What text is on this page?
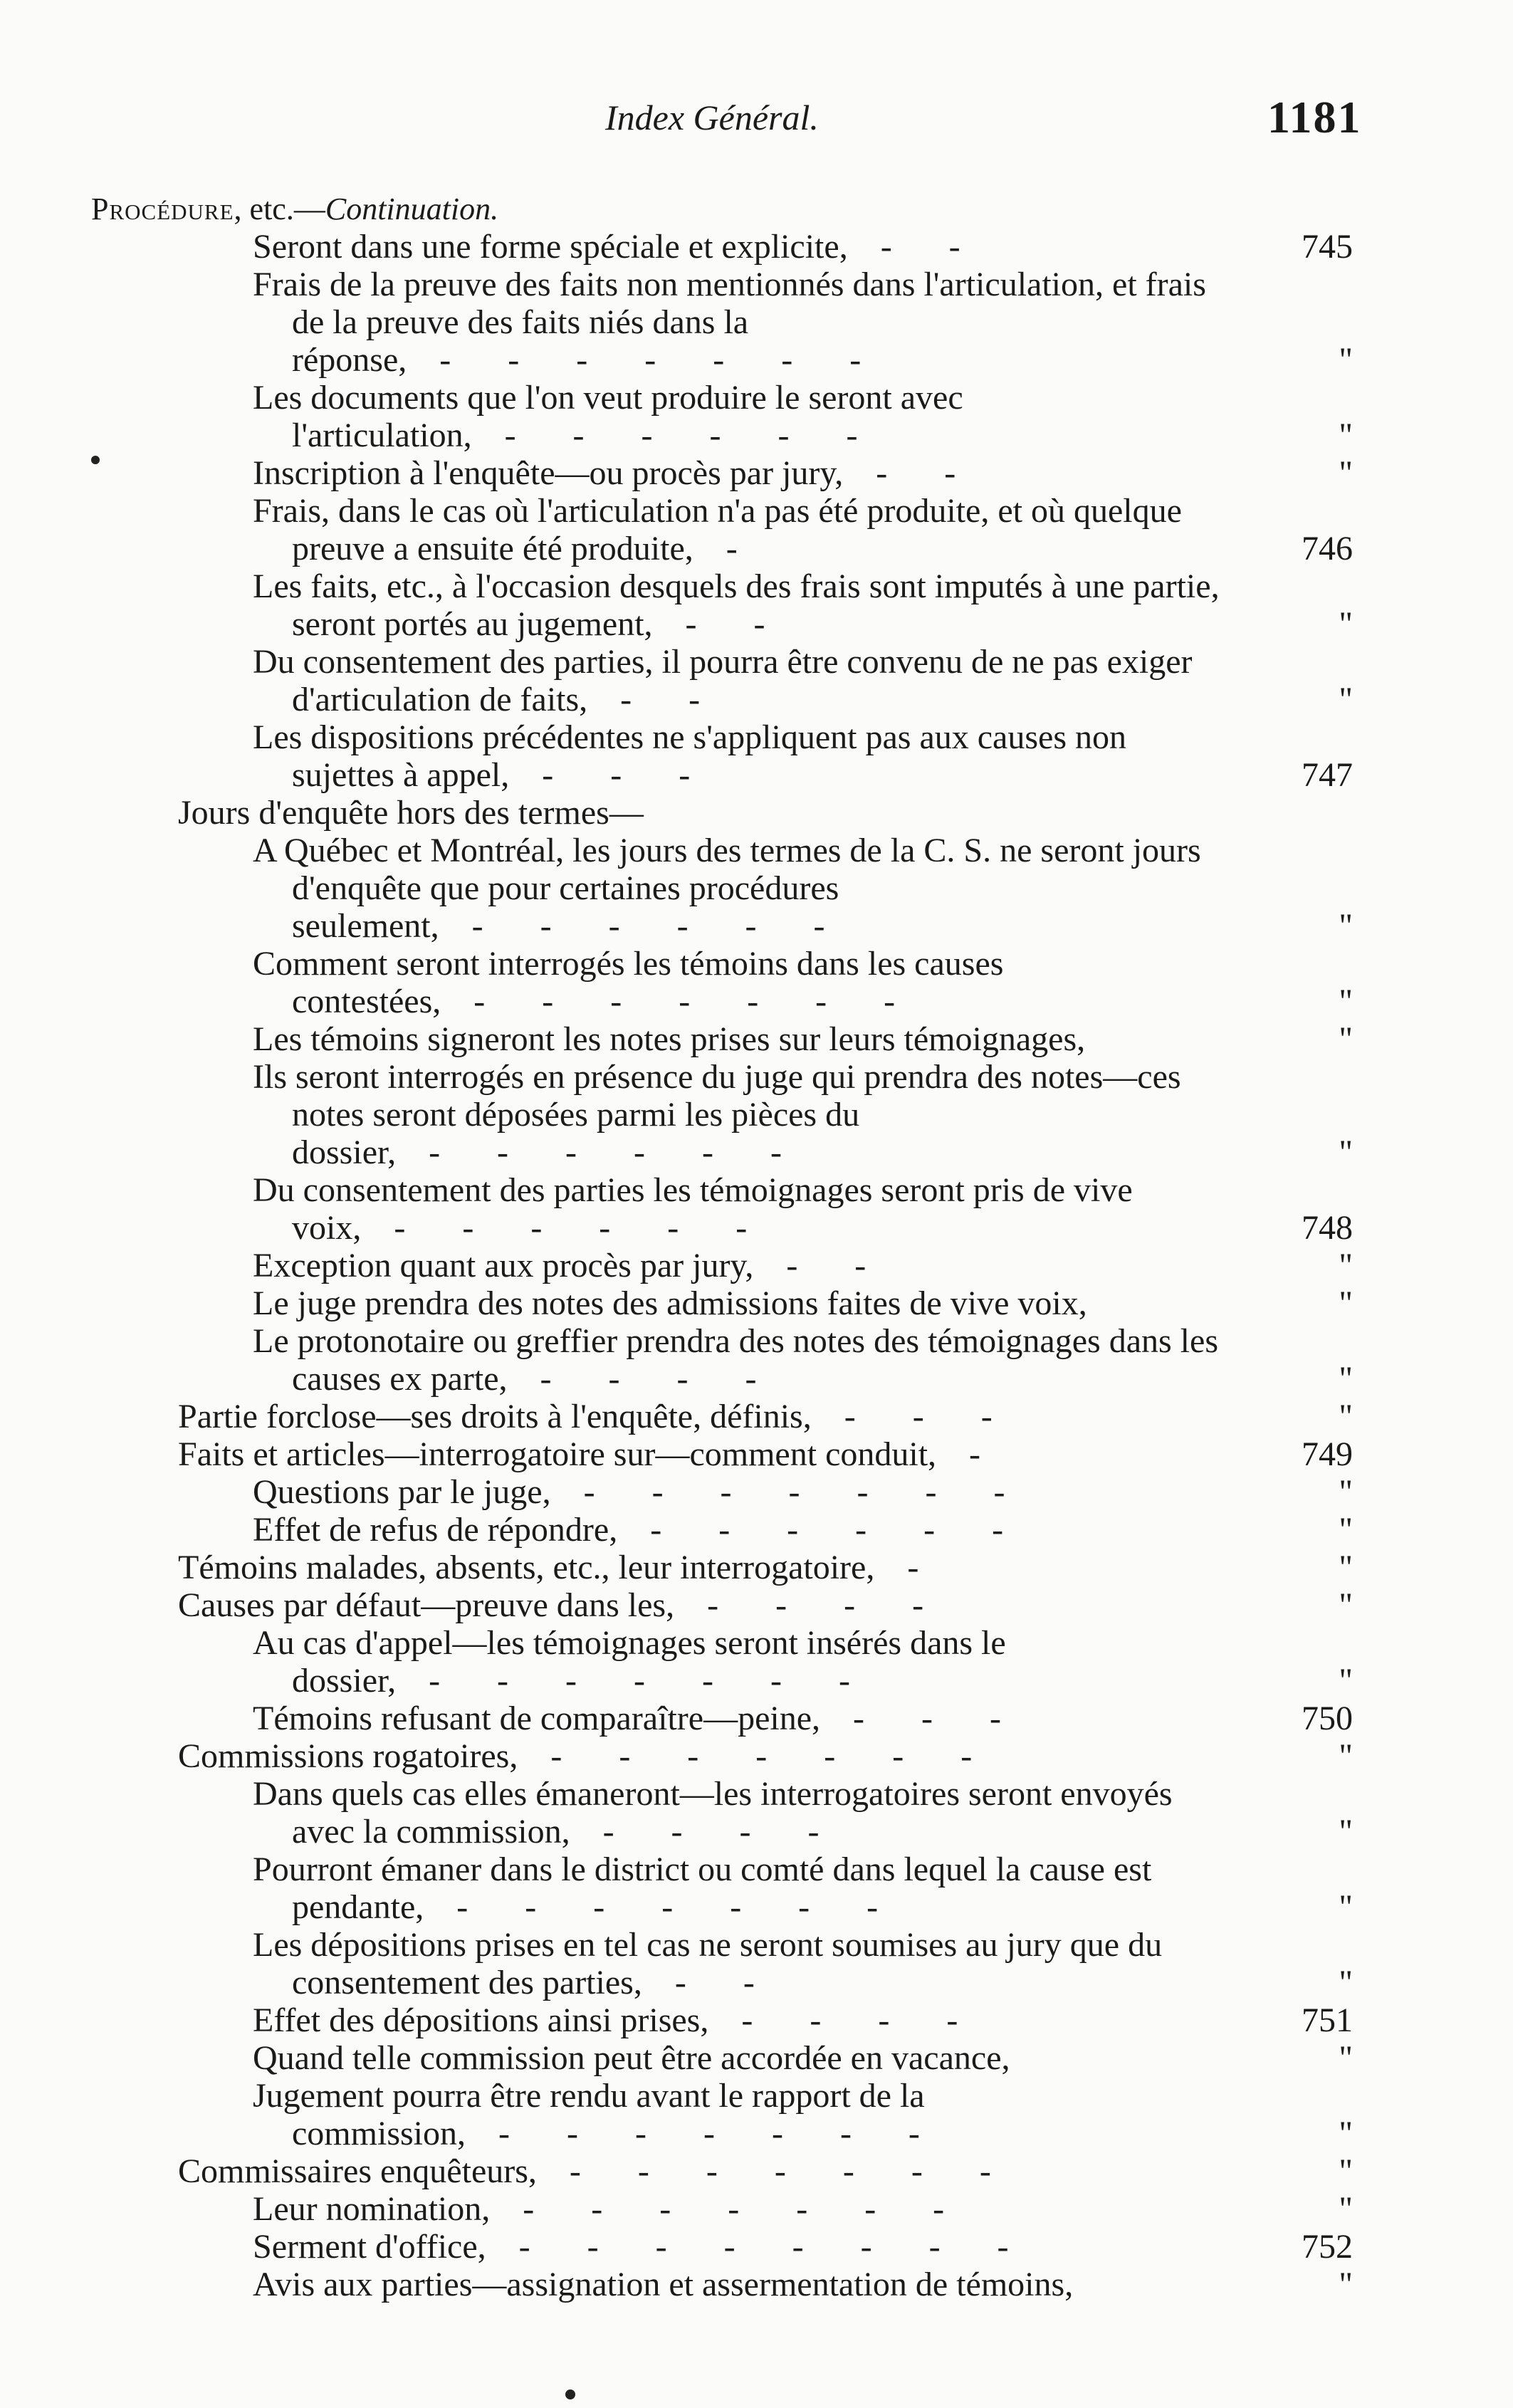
Index Général.	1181
Procédure, etc.—Continuation.
Seront dans une forme spéciale et explicite, - -	745
Frais de la preuve des faits non mentionnés dans l'articulation, et frais de la preuve des faits niés dans la réponse, - - - - - - -	"
Les documents que l'on veut produire le seront avec l'articulation, - - - - - -	"
Inscription à l'enquête—ou procès par jury, - -	"
Frais, dans le cas où l'articulation n'a pas été produite, et où quelque preuve a ensuite été produite, -	746
Les faits, etc., à l'occasion desquels des frais sont imputés à une partie, seront portés au jugement, - -	"
Du consentement des parties, il pourra être convenu de ne pas exiger d'articulation de faits, - -	"
Les dispositions précédentes ne s'appliquent pas aux causes non sujettes à appel, - - -	747
Jours d'enquête hors des termes—
A Québec et Montréal, les jours des termes de la C. S. ne seront jours d'enquête que pour certaines procédures seulement, - - - - - -	"
Comment seront interrogés les témoins dans les causes contestées, - - - - - - -	"
Les témoins signeront les notes prises sur leurs témoignages,	"
Ils seront interrogés en présence du juge qui prendra des notes—ces notes seront déposées parmi les pièces du dossier, - - - - - -	"
Du consentement des parties les témoignages seront pris de vive voix, - - - - - -	748
Exception quant aux procès par jury, - -	"
Le juge prendra des notes des admissions faites de vive voix,	"
Le protonotaire ou greffier prendra des notes des témoignages dans les causes ex parte, - - - -	"
Partie forclose—ses droits à l'enquête, définis, - - -	"
Faits et articles—interrogatoire sur—comment conduit, -	749
Questions par le juge, - - - - - - -	"
Effet de refus de répondre, - - - - - -	"
Témoins malades, absents, etc., leur interrogatoire, -	"
Causes par défaut—preuve dans les, - - - -	"
Au cas d'appel—les témoignages seront insérés dans le dossier, - - - - - - -	"
Témoins refusant de comparaître—peine, - - -	750
Commissions rogatoires, - - - - - - -	"
Dans quels cas elles émaneront—les interrogatoires seront envoyés avec la commission, - - - -	"
Pourront émaner dans le district ou comté dans lequel la cause est pendante, - - - - - - -	"
Les dépositions prises en tel cas ne seront soumises au jury que du consentement des parties, - -	"
Effet des dépositions ainsi prises, - - - -	751
Quand telle commission peut être accordée en vacance,	"
Jugement pourra être rendu avant le rapport de la commission, - - - - - - -	"
Commissaires enquêteurs, - - - - - - -	"
Leur nomination, - - - - - - -	"
Serment d'office, - - - - - - - -	752
Avis aux parties—assignation et assermentation de témoins,	"
